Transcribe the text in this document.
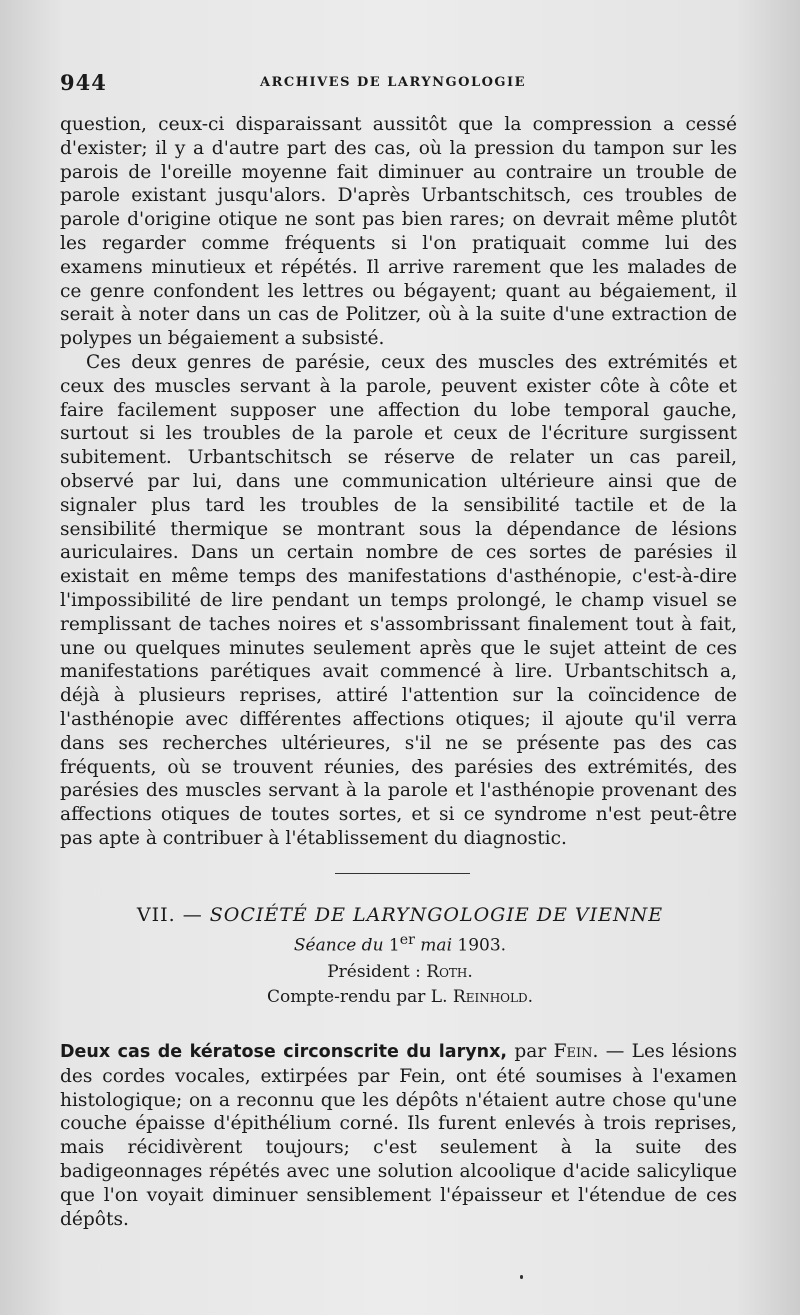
944	ARCHIVES DE LARYNGOLOGIE

question, ceux-ci disparaissant aussitôt que la compression a cessé d'exister; il y a d'autre part des cas, où la pression du tampon sur les parois de l'oreille moyenne fait diminuer au contraire un trouble de parole existant jusqu'alors. D'après Urbantschitsch, ces troubles de parole d'origine otique ne sont pas bien rares; on devrait même plutôt les regarder comme fréquents si l'on pratiquait comme lui des examens minutieux et répétés. Il arrive rarement que les malades de ce genre confondent les lettres ou bégayent; quant au bégaiement, il serait à noter dans un cas de Politzer, où à la suite d'une extraction de polypes un bégaiement a subsisté.

Ces deux genres de parésie, ceux des muscles des extrémités et ceux des muscles servant à la parole, peuvent exister côte à côte et faire facilement supposer une affection du lobe temporal gauche, surtout si les troubles de la parole et ceux de l'écriture surgissent subitement. Urbantschitsch se réserve de relater un cas pareil, observé par lui, dans une communication ultérieure ainsi que de signaler plus tard les troubles de la sensibilité tactile et de la sensibilité thermique se montrant sous la dépendance de lésions auriculaires. Dans un certain nombre de ces sortes de parésies il existait en même temps des manifestations d'asthénopie, c'est-à-dire l'impossibilité de lire pendant un temps prolongé, le champ visuel se remplissant de taches noires et s'assombrissant finalement tout à fait, une ou quelques minutes seulement après que le sujet atteint de ces manifestations parétiques avait commencé à lire. Urbantschitsch a, déjà à plusieurs reprises, attiré l'attention sur la coïncidence de l'asthénopie avec différentes affections otiques; il ajoute qu'il verra dans ses recherches ultérieures, s'il ne se présente pas des cas fréquents, où se trouvent réunies, des parésies des extrémités, des parésies des muscles servant à la parole et l'asthénopie provenant des affections otiques de toutes sortes, et si ce syndrome n'est peut-être pas apte à contribuer à l'établissement du diagnostic.

VII. — SOCIÉTÉ DE LARYNGOLOGIE DE VIENNE

Séance du 1er mai 1903.
Président : Roth.
Compte-rendu par L. Reinhold.

Deux cas de kératose circonscrite du larynx, par Fein. — Les lésions des cordes vocales, extirpées par Fein, ont été soumises à l'examen histologique; on a reconnu que les dépôts n'étaient autre chose qu'une couche épaisse d'épithélium corné. Ils furent enlevés à trois reprises, mais récidivèrent toujours; c'est seulement à la suite des badigeonnages répétés avec une solution alcoolique d'acide salicylique que l'on voyait diminuer sensiblement l'épaisseur et l'étendue de ces dépôts.
